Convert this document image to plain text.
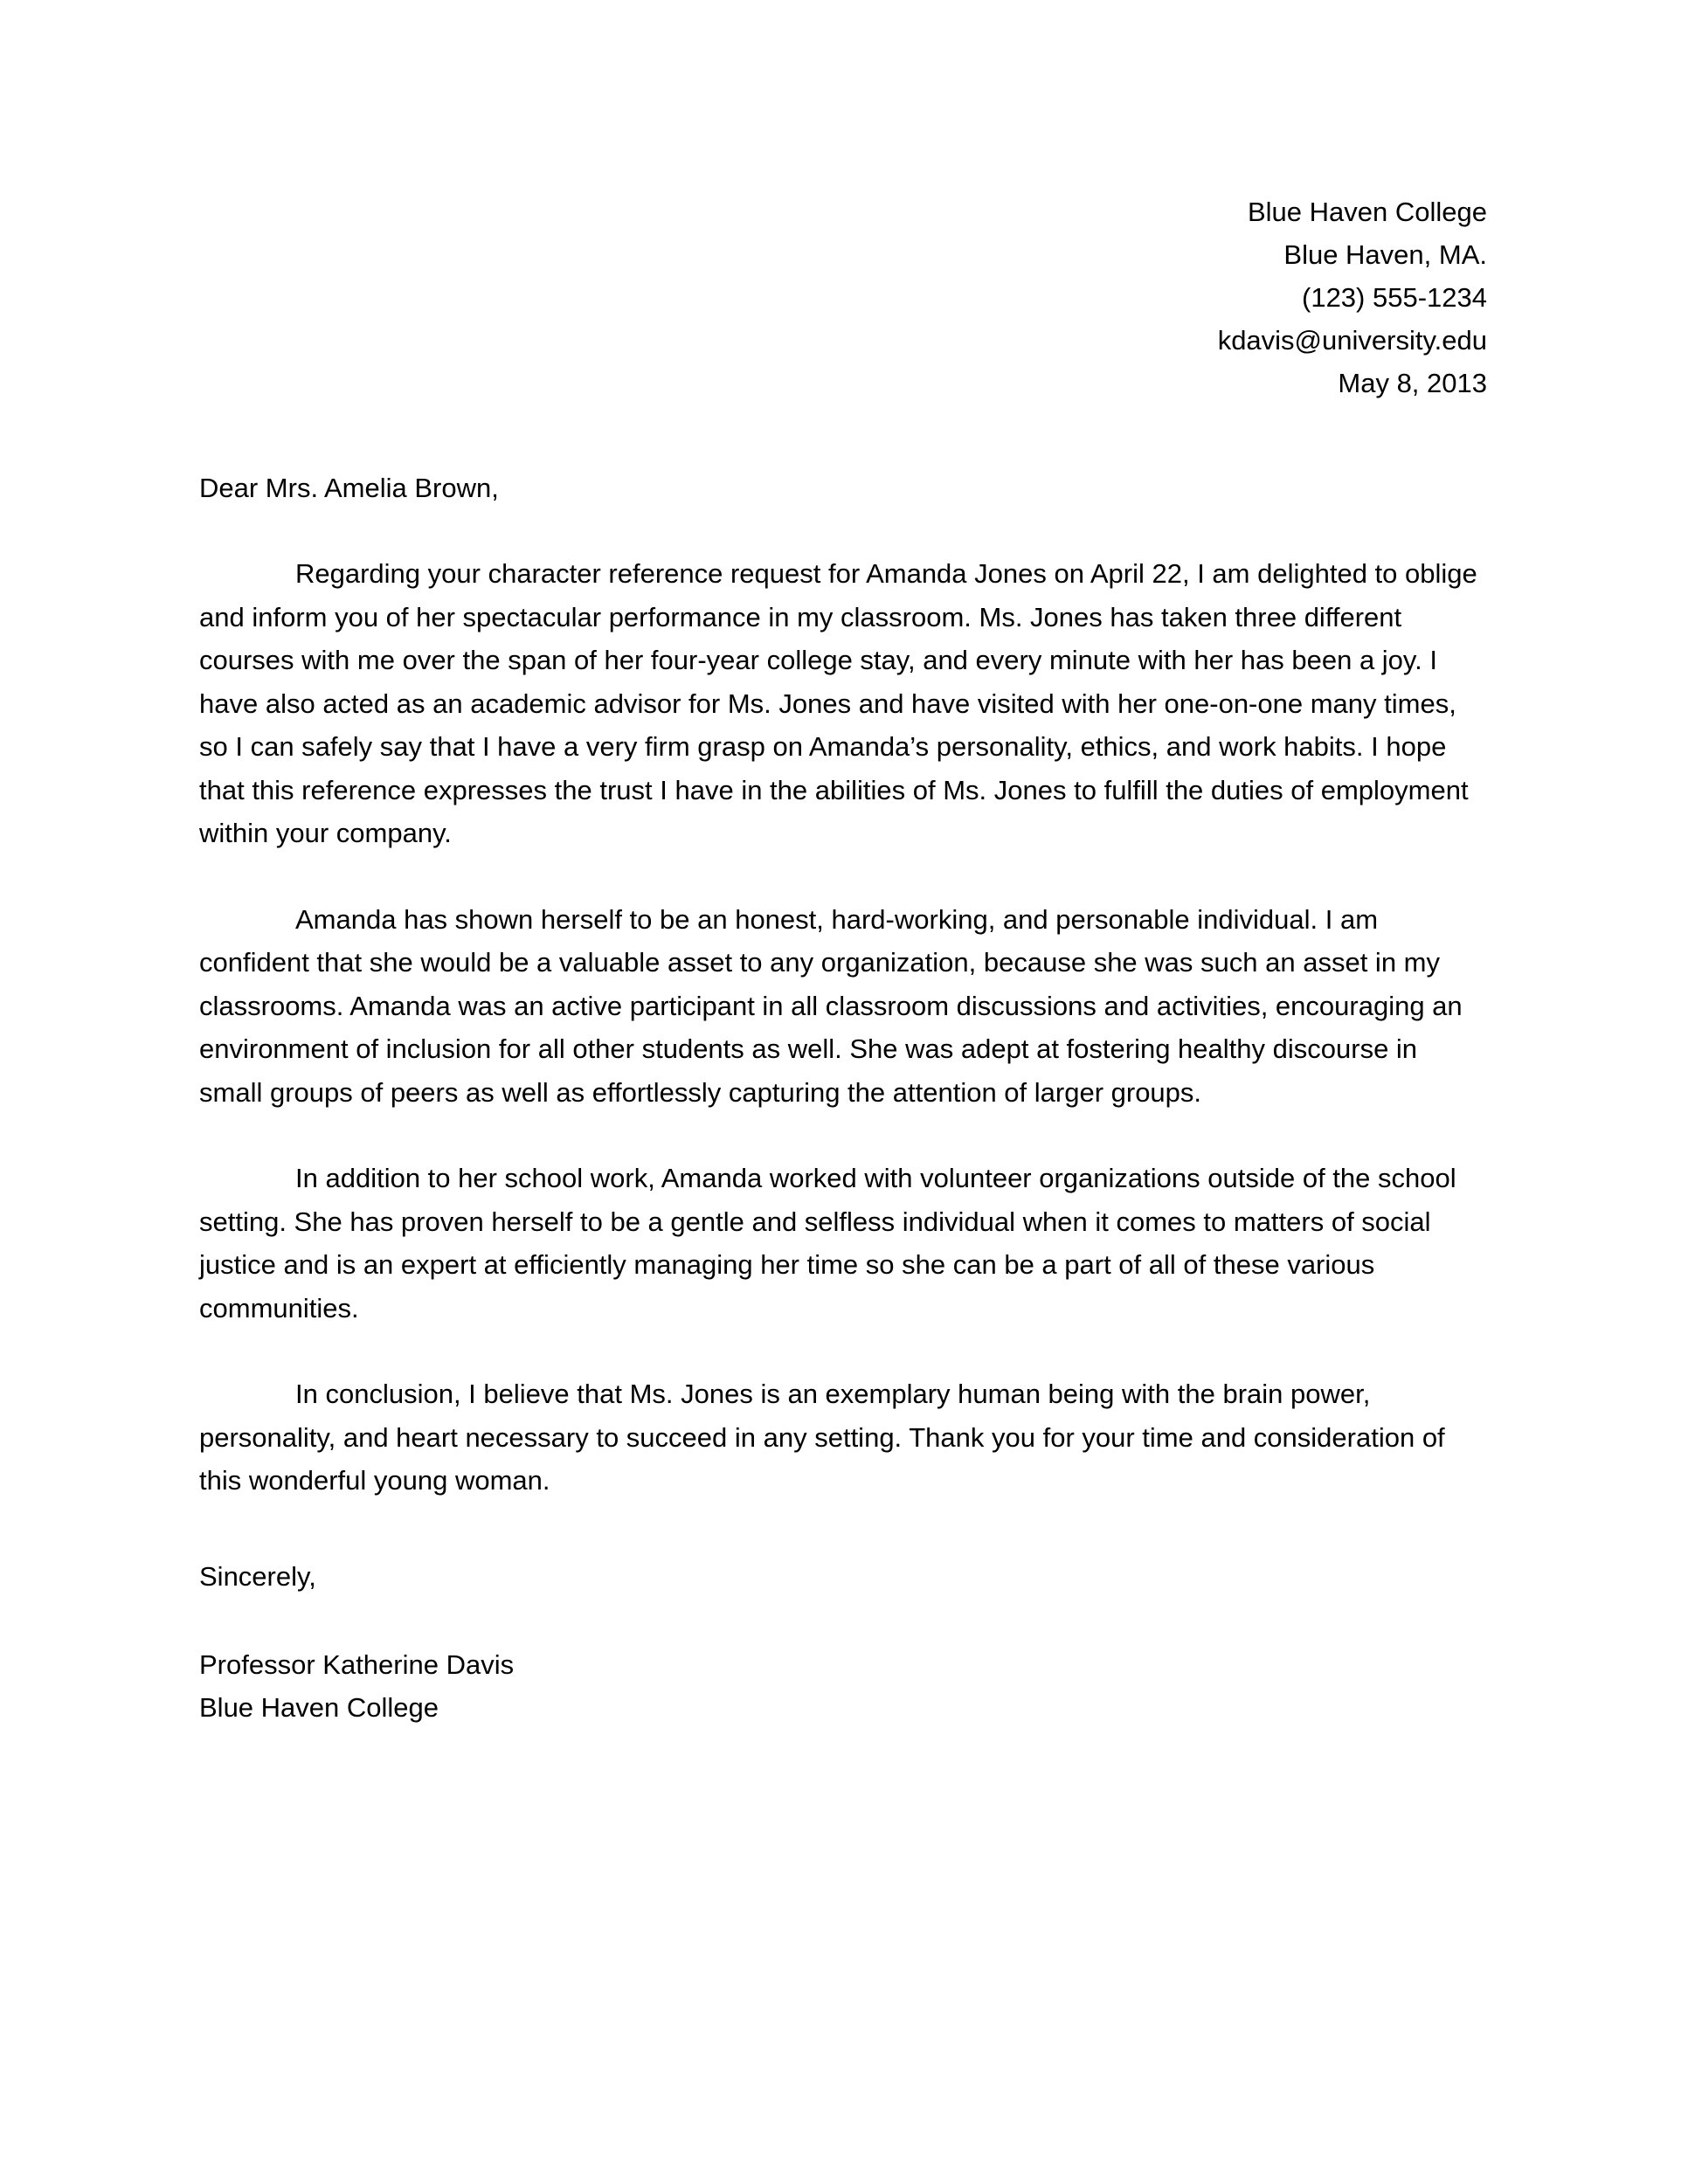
Blue Haven College
Blue Haven, MA.
(123) 555-1234
kdavis@university.edu
May 8, 2013
Dear Mrs. Amelia Brown,

Regarding your character reference request for Amanda Jones on April 22, I am delighted to oblige and inform you of her spectacular performance in my classroom. Ms. Jones has taken three different courses with me over the span of her four-year college stay, and every minute with her has been a joy. I have also acted as an academic advisor for Ms. Jones and have visited with her one-on-one many times, so I can safely say that I have a very firm grasp on Amanda’s personality, ethics, and work habits. I hope that this reference expresses the trust I have in the abilities of Ms. Jones to fulfill the duties of employment within your company.

Amanda has shown herself to be an honest, hard-working, and personable individual. I am confident that she would be a valuable asset to any organization, because she was such an asset in my classrooms. Amanda was an active participant in all classroom discussions and activities, encouraging an environment of inclusion for all other students as well. She was adept at fostering healthy discourse in small groups of peers as well as effortlessly capturing the attention of larger groups.

In addition to her school work, Amanda worked with volunteer organizations outside of the school setting. She has proven herself to be a gentle and selfless individual when it comes to matters of social justice and is an expert at efficiently managing her time so she can be a part of all of these various communities.

In conclusion, I believe that Ms. Jones is an exemplary human being with the brain power, personality, and heart necessary to succeed in any setting. Thank you for your time and consideration of this wonderful young woman.

Sincerely,
Professor Katherine Davis
Blue Haven College
